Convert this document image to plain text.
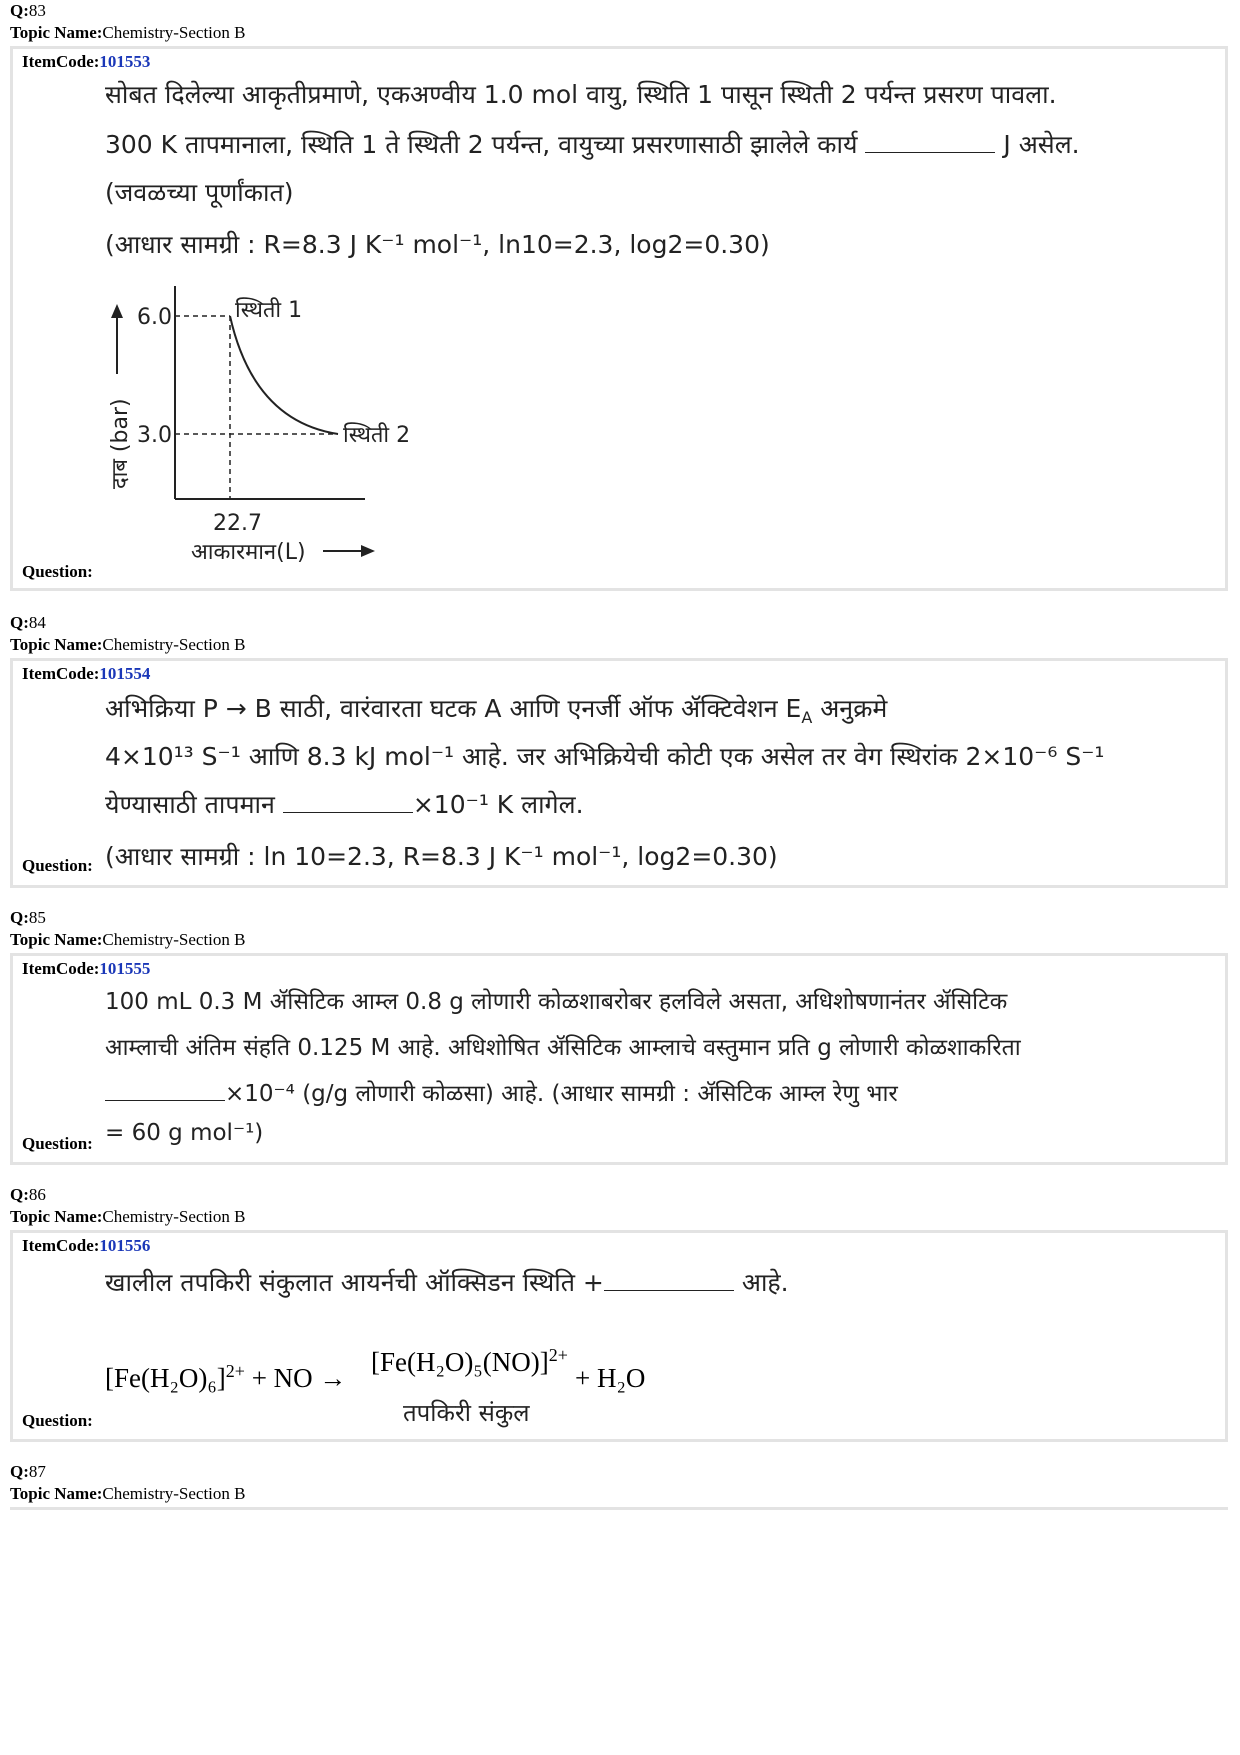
Q:83
Topic Name:Chemistry-Section B
ItemCode:101553
सोबत दिलेल्या आकृतीप्रमाणे, एकअण्वीय 1.0 mol वायु, स्थिति 1 पासून स्थिती 2 पर्यन्त प्रसरण पावला.
300 K तापमानाला, स्थिति 1 ते स्थिती 2 पर्यन्त, वायुच्या प्रसरणासाठी झालेले कार्य	J असेल.
(जवळच्या पूर्णांकात)
(आधार सामग्री : R=8.3 J K⁻¹ mol⁻¹, ln10=2.3, log2=0.30)
6.0
3.0
22.7
स्थिती 1
स्थिती 2
दाब (bar)
आकारमान(L)
Question:
Q:84
Topic Name:Chemistry-Section B
ItemCode:101554
अभिक्रिया P → B साठी, वारंवारता घटक A आणि एनर्जी ऑफ ॲक्टिवेशन $E_A$ अनुक्रमे
4×10¹³ S⁻¹ आणि 8.3 kJ mol⁻¹ आहे. जर अभिक्रियेची कोटी एक असेल तर वेग स्थिरांक 2×10⁻⁶ S⁻¹
येण्यासाठी तापमान	×10⁻¹ K लागेल.
(आधार सामग्री : ln 10=2.3, R=8.3 J K⁻¹ mol⁻¹, log2=0.30)
Question:
Q:85
Topic Name:Chemistry-Section B
ItemCode:101555
100 mL 0.3 M ॲसिटिक आम्ल 0.8 g लोणारी कोळशाबरोबर हलविले असता, अधिशोषणानंतर ॲसिटिक
आम्लाची अंतिम संहति 0.125 M आहे. अधिशोषित ॲसिटिक आम्लाचे वस्तुमान प्रति g लोणारी कोळशाकरिता
×10⁻⁴ (g/g लोणारी कोळसा) आहे. (आधार सामग्री : ॲसिटिक आम्ल रेणु भार
= 60 g mol⁻¹)
Question:
Q:86
Topic Name:Chemistry-Section B
ItemCode:101556
खालील तपकिरी संकुलात आयर्नची ऑक्सिडन स्थिति +	आहे.
$[Fe(H_2O)_6]^{2+}$ + NO →
$[Fe(H_2O)_5(NO)]^{2+}$
+ H₂O
तपकिरी संकुल
Question:
Q:87
Topic Name:Chemistry-Section B
